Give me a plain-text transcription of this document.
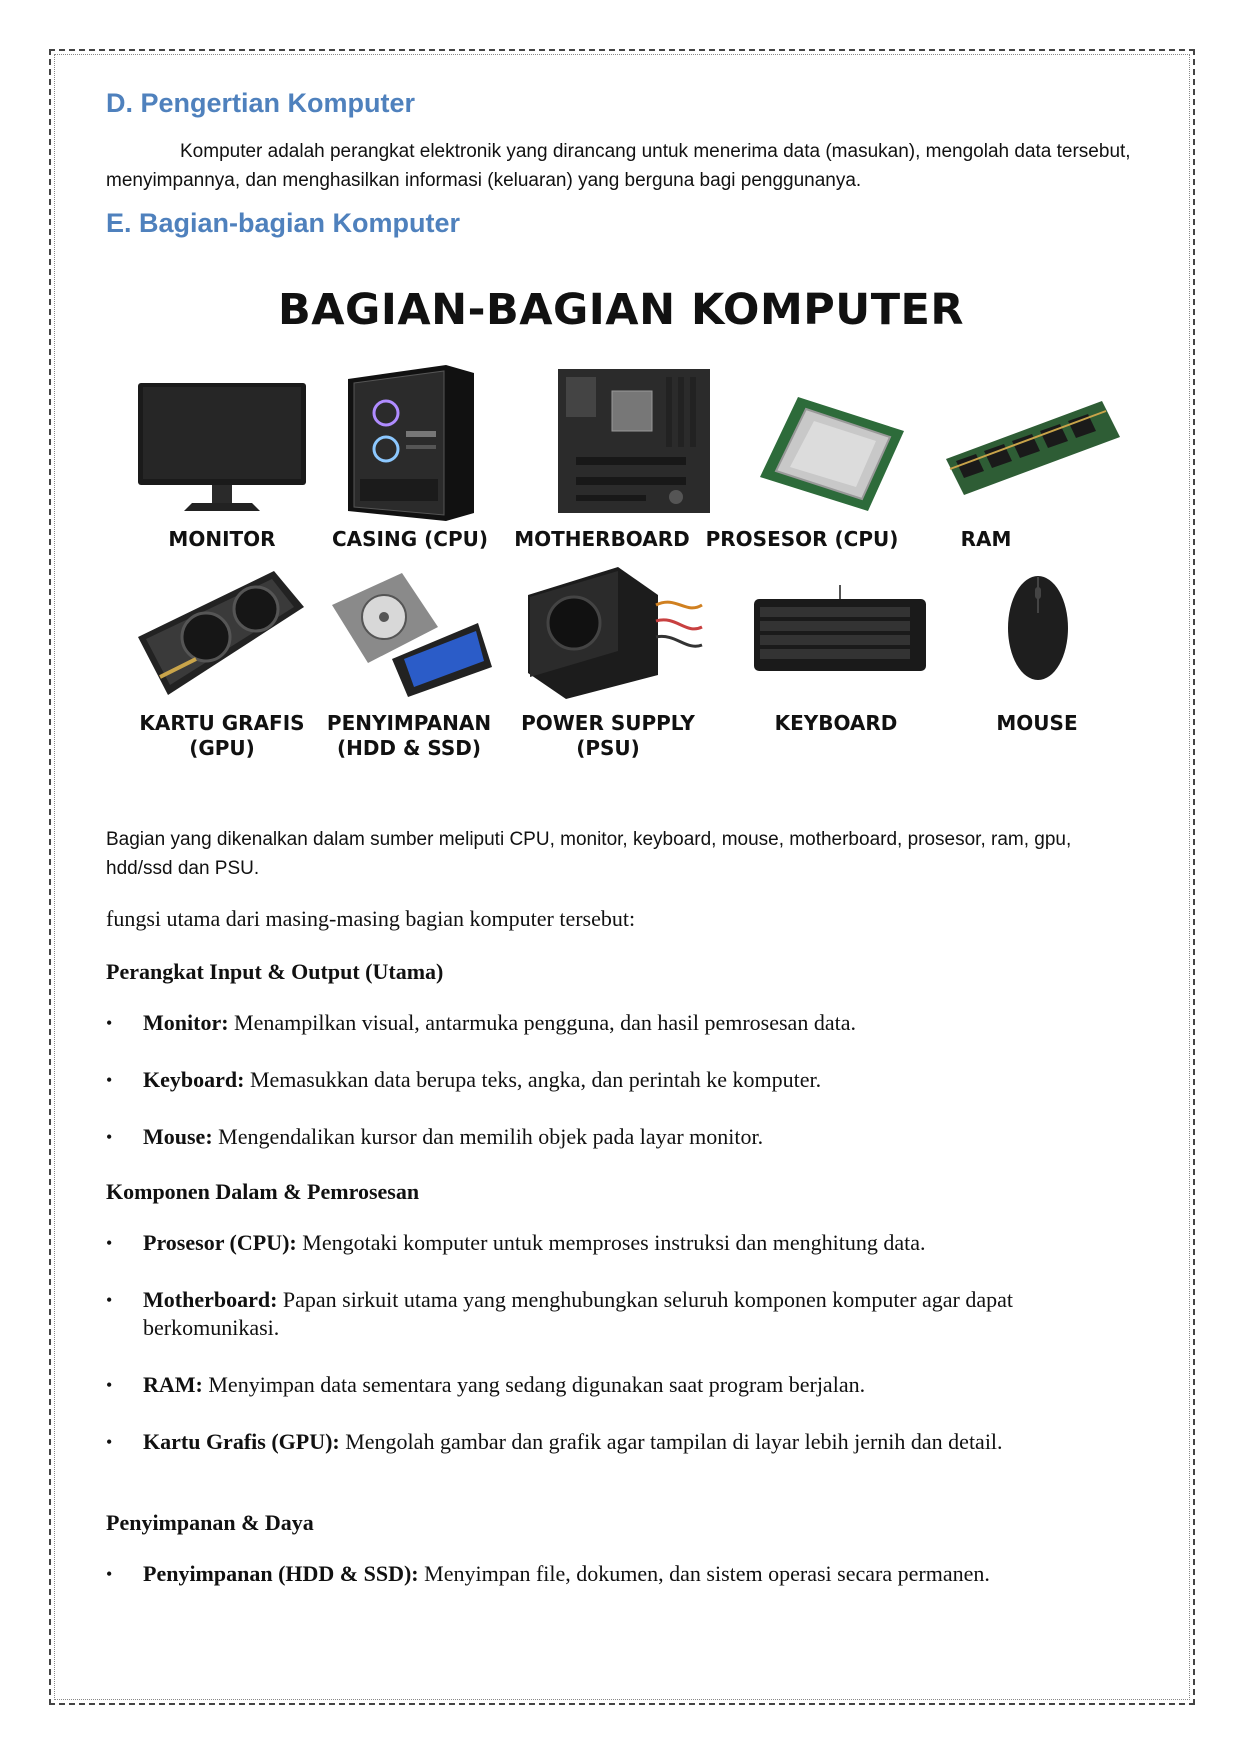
D. Pengertian Komputer

Komputer adalah perangkat elektronik yang dirancang untuk menerima data (masukan), mengolah data tersebut, menyimpannya, dan menghasilkan informasi (keluaran) yang berguna bagi penggunanya.

E. Bagian-bagian Komputer
BAGIAN-BAGIAN KOMPUTER
MONITOR	CASING (CPU)	MOTHERBOARD PROSESOR (CPU)	RAM
KARTU GRAFIS
(GPU)
PENYIMPANAN
(HDD & SSD)
POWER SUPPLY
(PSU)
KEYBOARD	MOUSE

Bagian yang dikenalkan dalam sumber meliputi CPU, monitor, keyboard, mouse, motherboard, prosesor, ram, gpu, hdd/ssd dan PSU.

fungsi utama dari masing-masing bagian komputer tersebut:

Perangkat Input & Output (Utama)
• Monitor: Menampilkan visual, antarmuka pengguna, dan hasil pemrosesan data.
• Keyboard: Memasukkan data berupa teks, angka, dan perintah ke komputer.
• Mouse: Mengendalikan kursor dan memilih objek pada layar monitor.
Komponen Dalam & Pemrosesan
• Prosesor (CPU): Mengotaki komputer untuk memproses instruksi dan menghitung data.
• Motherboard: Papan sirkuit utama yang menghubungkan seluruh komponen komputer agar dapat berkomunikasi.
• RAM: Menyimpan data sementara yang sedang digunakan saat program berjalan.
• Kartu Grafis (GPU): Mengolah gambar dan grafik agar tampilan di layar lebih jernih dan detail.
Penyimpanan & Daya
• Penyimpanan (HDD & SSD): Menyimpan file, dokumen, dan sistem operasi secara permanen.
